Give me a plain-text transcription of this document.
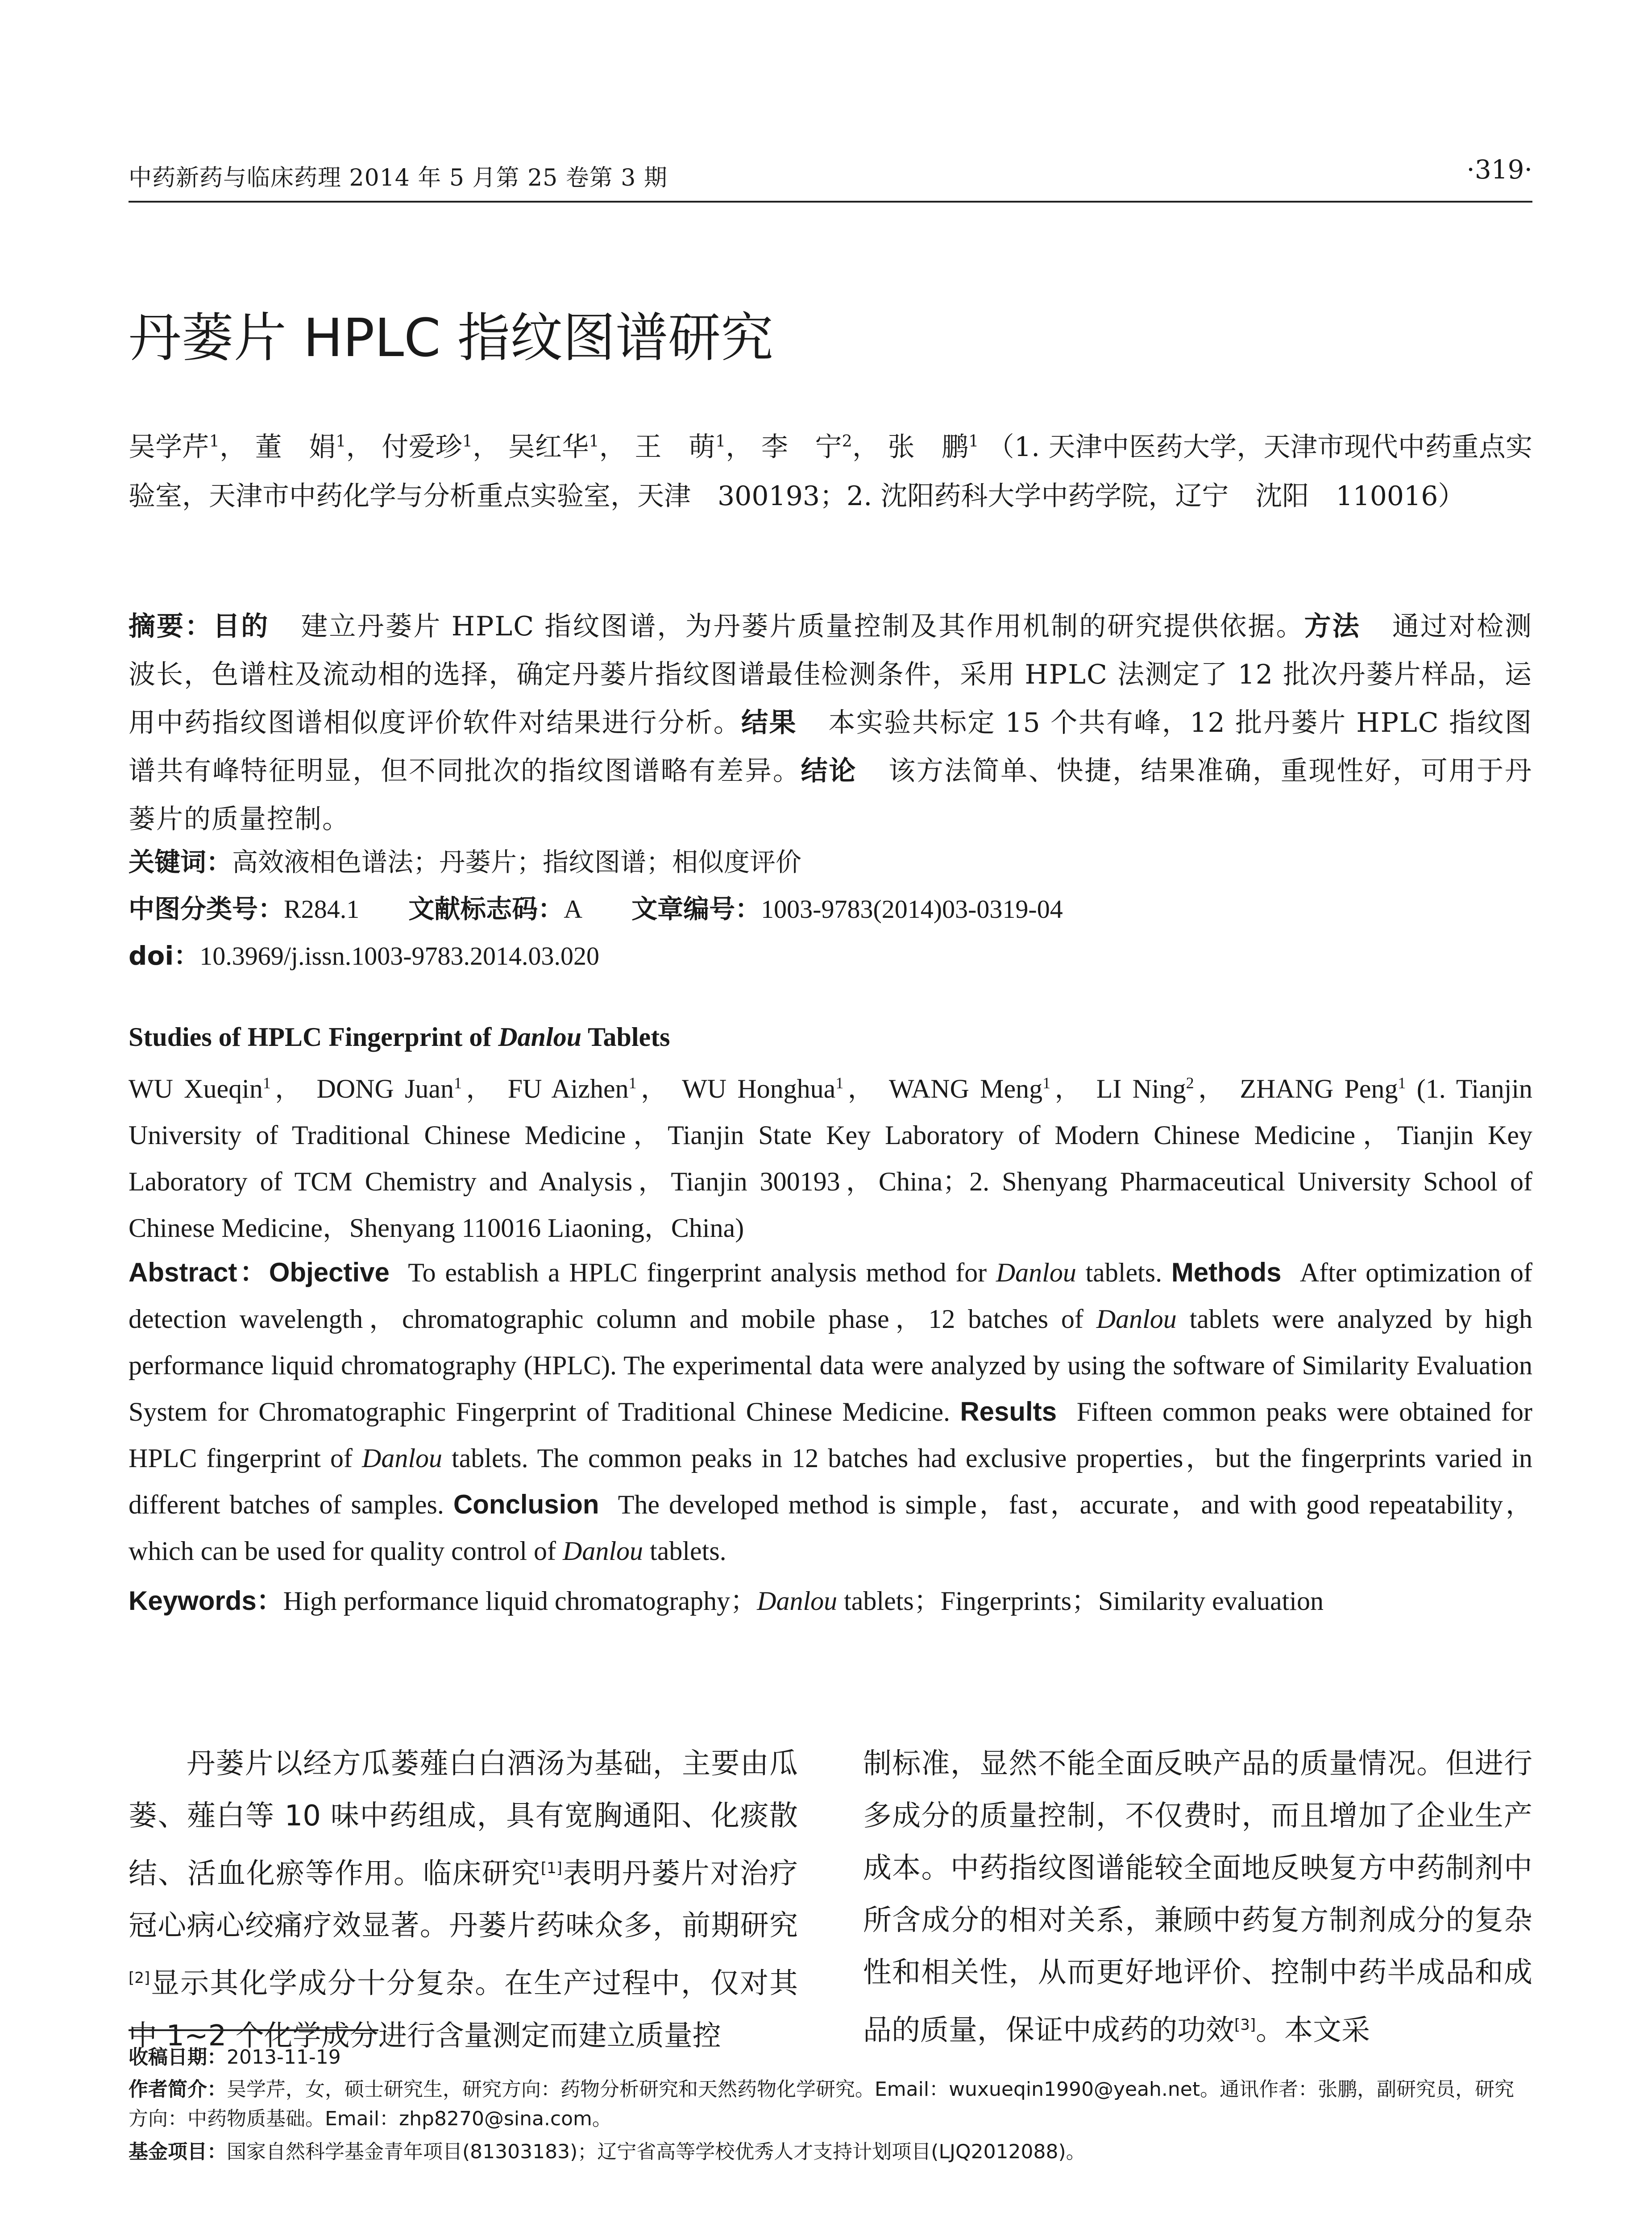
中药新药与临床药理 2014 年 5 月第 25 卷第 3 期	·319·
丹蒌片 HPLC 指纹图谱研究
吴学芹$^1$， 董　娟$^1$， 付爱珍$^1$， 吴红华$^1$， 王　萌$^1$， 李　宁$^2$， 张　鹏$^1$ （1. 天津中医药大学，天津市现代中药重点实验室，天津市中药化学与分析重点实验室，天津　300193；2. 沈阳药科大学中药学院，辽宁　沈阳　110016）
摘要：目的 建立丹蒌片 HPLC 指纹图谱，为丹蒌片质量控制及其作用机制的研究提供依据。方法 通过对检测波长，色谱柱及流动相的选择，确定丹蒌片指纹图谱最佳检测条件，采用 HPLC 法测定了 12 批次丹蒌片样品，运用中药指纹图谱相似度评价软件对结果进行分析。结果 本实验共标定 15 个共有峰，12 批丹蒌片 HPLC 指纹图谱共有峰特征明显，但不同批次的指纹图谱略有差异。结论 该方法简单、快捷，结果准确，重现性好，可用于丹蒌片的质量控制。
关键词：高效液相色谱法；丹蒌片；指纹图谱；相似度评价
中图分类号：R284.1 文献标志码：A 文章编号：1003-9783(2014)03-0319-04
doi：10.3969/j.issn.1003-9783.2014.03.020
Studies of HPLC Fingerprint of Danlou Tablets
WU Xueqin$^1$， DONG Juan$^1$， FU Aizhen$^1$， WU Honghua$^1$， WANG Meng$^1$， LI Ning$^2$， ZHANG Peng$^1$ (1. Tianjin University of Traditional Chinese Medicine，Tianjin State Key Laboratory of Modern Chinese Medicine，Tianjin Key Laboratory of TCM Chemistry and Analysis，Tianjin 300193，China；2. Shenyang Pharmaceutical University School of Chinese Medicine，Shenyang 110016 Liaoning，China)
Abstract：Objective To establish a HPLC fingerprint analysis method for Danlou tablets. Methods After optimization of detection wavelength，chromatographic column and mobile phase，12 batches of Danlou tablets were analyzed by high performance liquid chromatography (HPLC). The experimental data were analyzed by using the software of Similarity Evaluation System for Chromatographic Fingerprint of Traditional Chinese Medicine. Results Fifteen common peaks were obtained for HPLC fingerprint of Danlou tablets. The common peaks in 12 batches had exclusive properties，but the fingerprints varied in different batches of samples. Conclusion The developed method is simple，fast，accurate，and with good repeatability，which can be used for quality control of Danlou tablets.
Keywords：High performance liquid chromatography；Danlou tablets；Fingerprints；Similarity evaluation
丹蒌片以经方瓜蒌薤白白酒汤为基础，主要由瓜蒌、薤白等 10 味中药组成，具有宽胸通阳、化痰散结、活血化瘀等作用。临床研究[1]表明丹蒌片对治疗冠心病心绞痛疗效显著。丹蒌片药味众多，前期研究[2]显示其化学成分十分复杂。在生产过程中，仅对其中 1~2 个化学成分进行含量测定而建立质量控
制标准，显然不能全面反映产品的质量情况。但进行多成分的质量控制，不仅费时，而且增加了企业生产成本。中药指纹图谱能较全面地反映复方中药制剂中所含成分的相对关系，兼顾中药复方制剂成分的复杂性和相关性，从而更好地评价、控制中药半成品和成品的质量，保证中成药的功效[3]。本文采
收稿日期：2013-11-19
作者简介：吴学芹，女，硕士研究生，研究方向：药物分析研究和天然药物化学研究。Email：wuxueqin1990@yeah.net。通讯作者：张鹏，副研究员，研究方向：中药物质基础。Email：zhp8270@sina.com。
基金项目：国家自然科学基金青年项目(81303183)；辽宁省高等学校优秀人才支持计划项目(LJQ2012088)。
